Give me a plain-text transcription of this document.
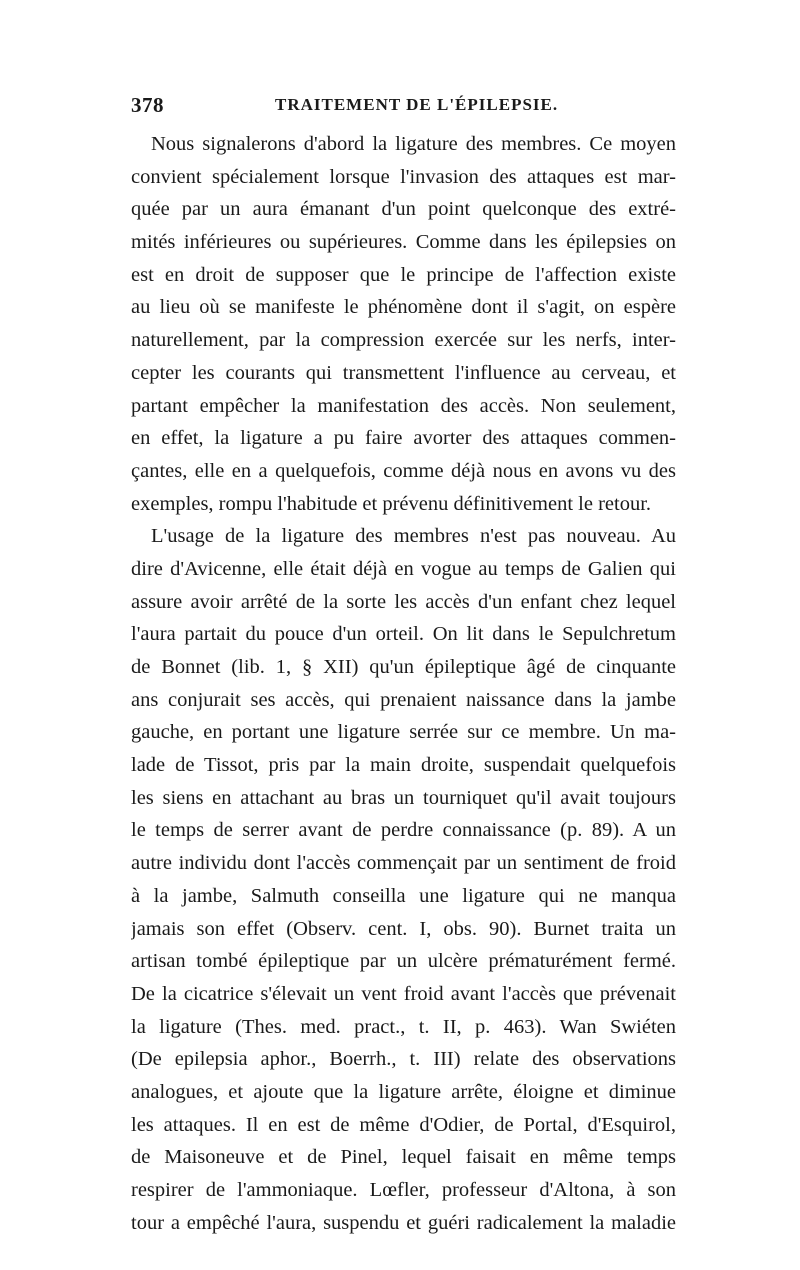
378	TRAITEMENT DE L'ÉPILEPSIE.
Nous signalerons d'abord la ligature des membres. Ce moyen
convient spécialement lorsque l'invasion des attaques est mar-
quée par un aura émanant d'un point quelconque des extré-
mités inférieures ou supérieures. Comme dans les épilepsies on
est en droit de supposer que le principe de l'affection existe
au lieu où se manifeste le phénomène dont il s'agit, on espère
naturellement, par la compression exercée sur les nerfs, inter-
cepter les courants qui transmettent l'influence au cerveau, et
partant empêcher la manifestation des accès. Non seulement,
en effet, la ligature a pu faire avorter des attaques commen-
çantes, elle en a quelquefois, comme déjà nous en avons vu des
exemples, rompu l'habitude et prévenu définitivement le retour.
L'usage de la ligature des membres n'est pas nouveau. Au
dire d'Avicenne, elle était déjà en vogue au temps de Galien qui
assure avoir arrêté de la sorte les accès d'un enfant chez lequel
l'aura partait du pouce d'un orteil. On lit dans le Sepulchretum
de Bonnet (lib. 1, § XII) qu'un épileptique âgé de cinquante
ans conjurait ses accès, qui prenaient naissance dans la jambe
gauche, en portant une ligature serrée sur ce membre. Un ma-
lade de Tissot, pris par la main droite, suspendait quelquefois
les siens en attachant au bras un tourniquet qu'il avait toujours
le temps de serrer avant de perdre connaissance (p. 89). A un
autre individu dont l'accès commençait par un sentiment de froid
à la jambe, Salmuth conseilla une ligature qui ne manqua
jamais son effet (Observ. cent. I, obs. 90). Burnet traita un
artisan tombé épileptique par un ulcère prématurément fermé.
De la cicatrice s'élevait un vent froid avant l'accès que prévenait
la ligature (Thes. med. pract., t. II, p. 463). Wan Swiéten
(De epilepsia aphor., Boerrh., t. III) relate des observations
analogues, et ajoute que la ligature arrête, éloigne et diminue
les attaques. Il en est de même d'Odier, de Portal, d'Esquirol,
de Maisoneuve et de Pinel, lequel faisait en même temps
respirer de l'ammoniaque. Lœfler, professeur d'Altona, à son
tour a empêché l'aura, suspendu et guéri radicalement la maladie
